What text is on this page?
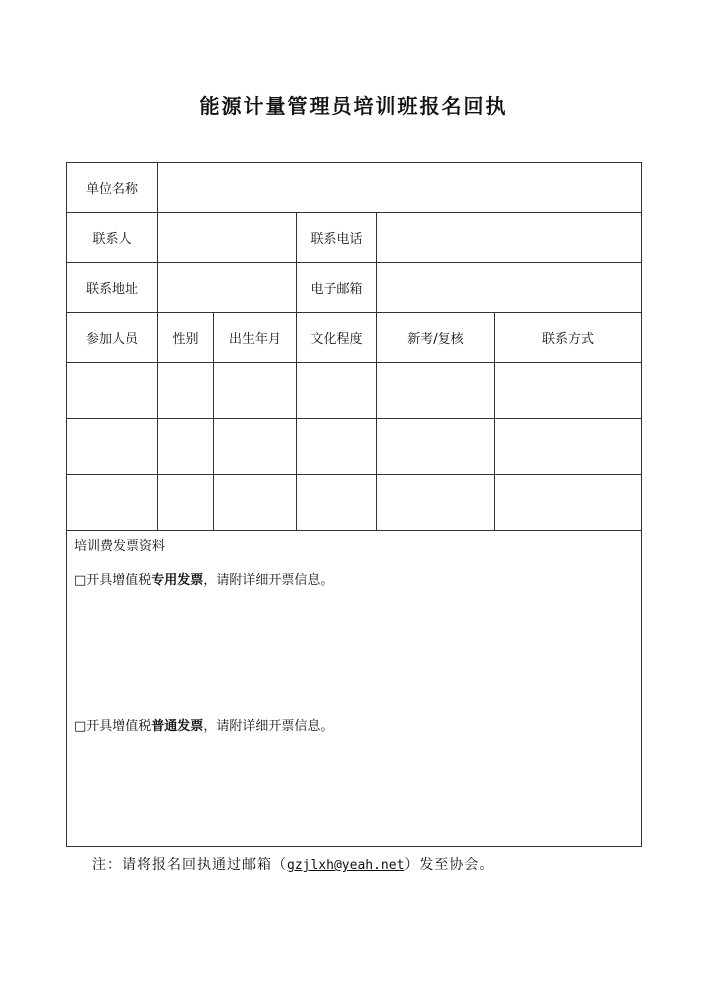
能源计量管理员培训班报名回执
单位名称					
联系人			联系电话		
联系地址			电子邮箱		
参加人员	性别	出生年月	文化程度	新考/复核	联系方式

培训费发票资料
□开具增值税专用发票，请附详细开票信息。
□开具增值税普通发票，请附详细开票信息。					
注：请将报名回执通过邮箱（gzjlxh@yeah.net）发至协会。
